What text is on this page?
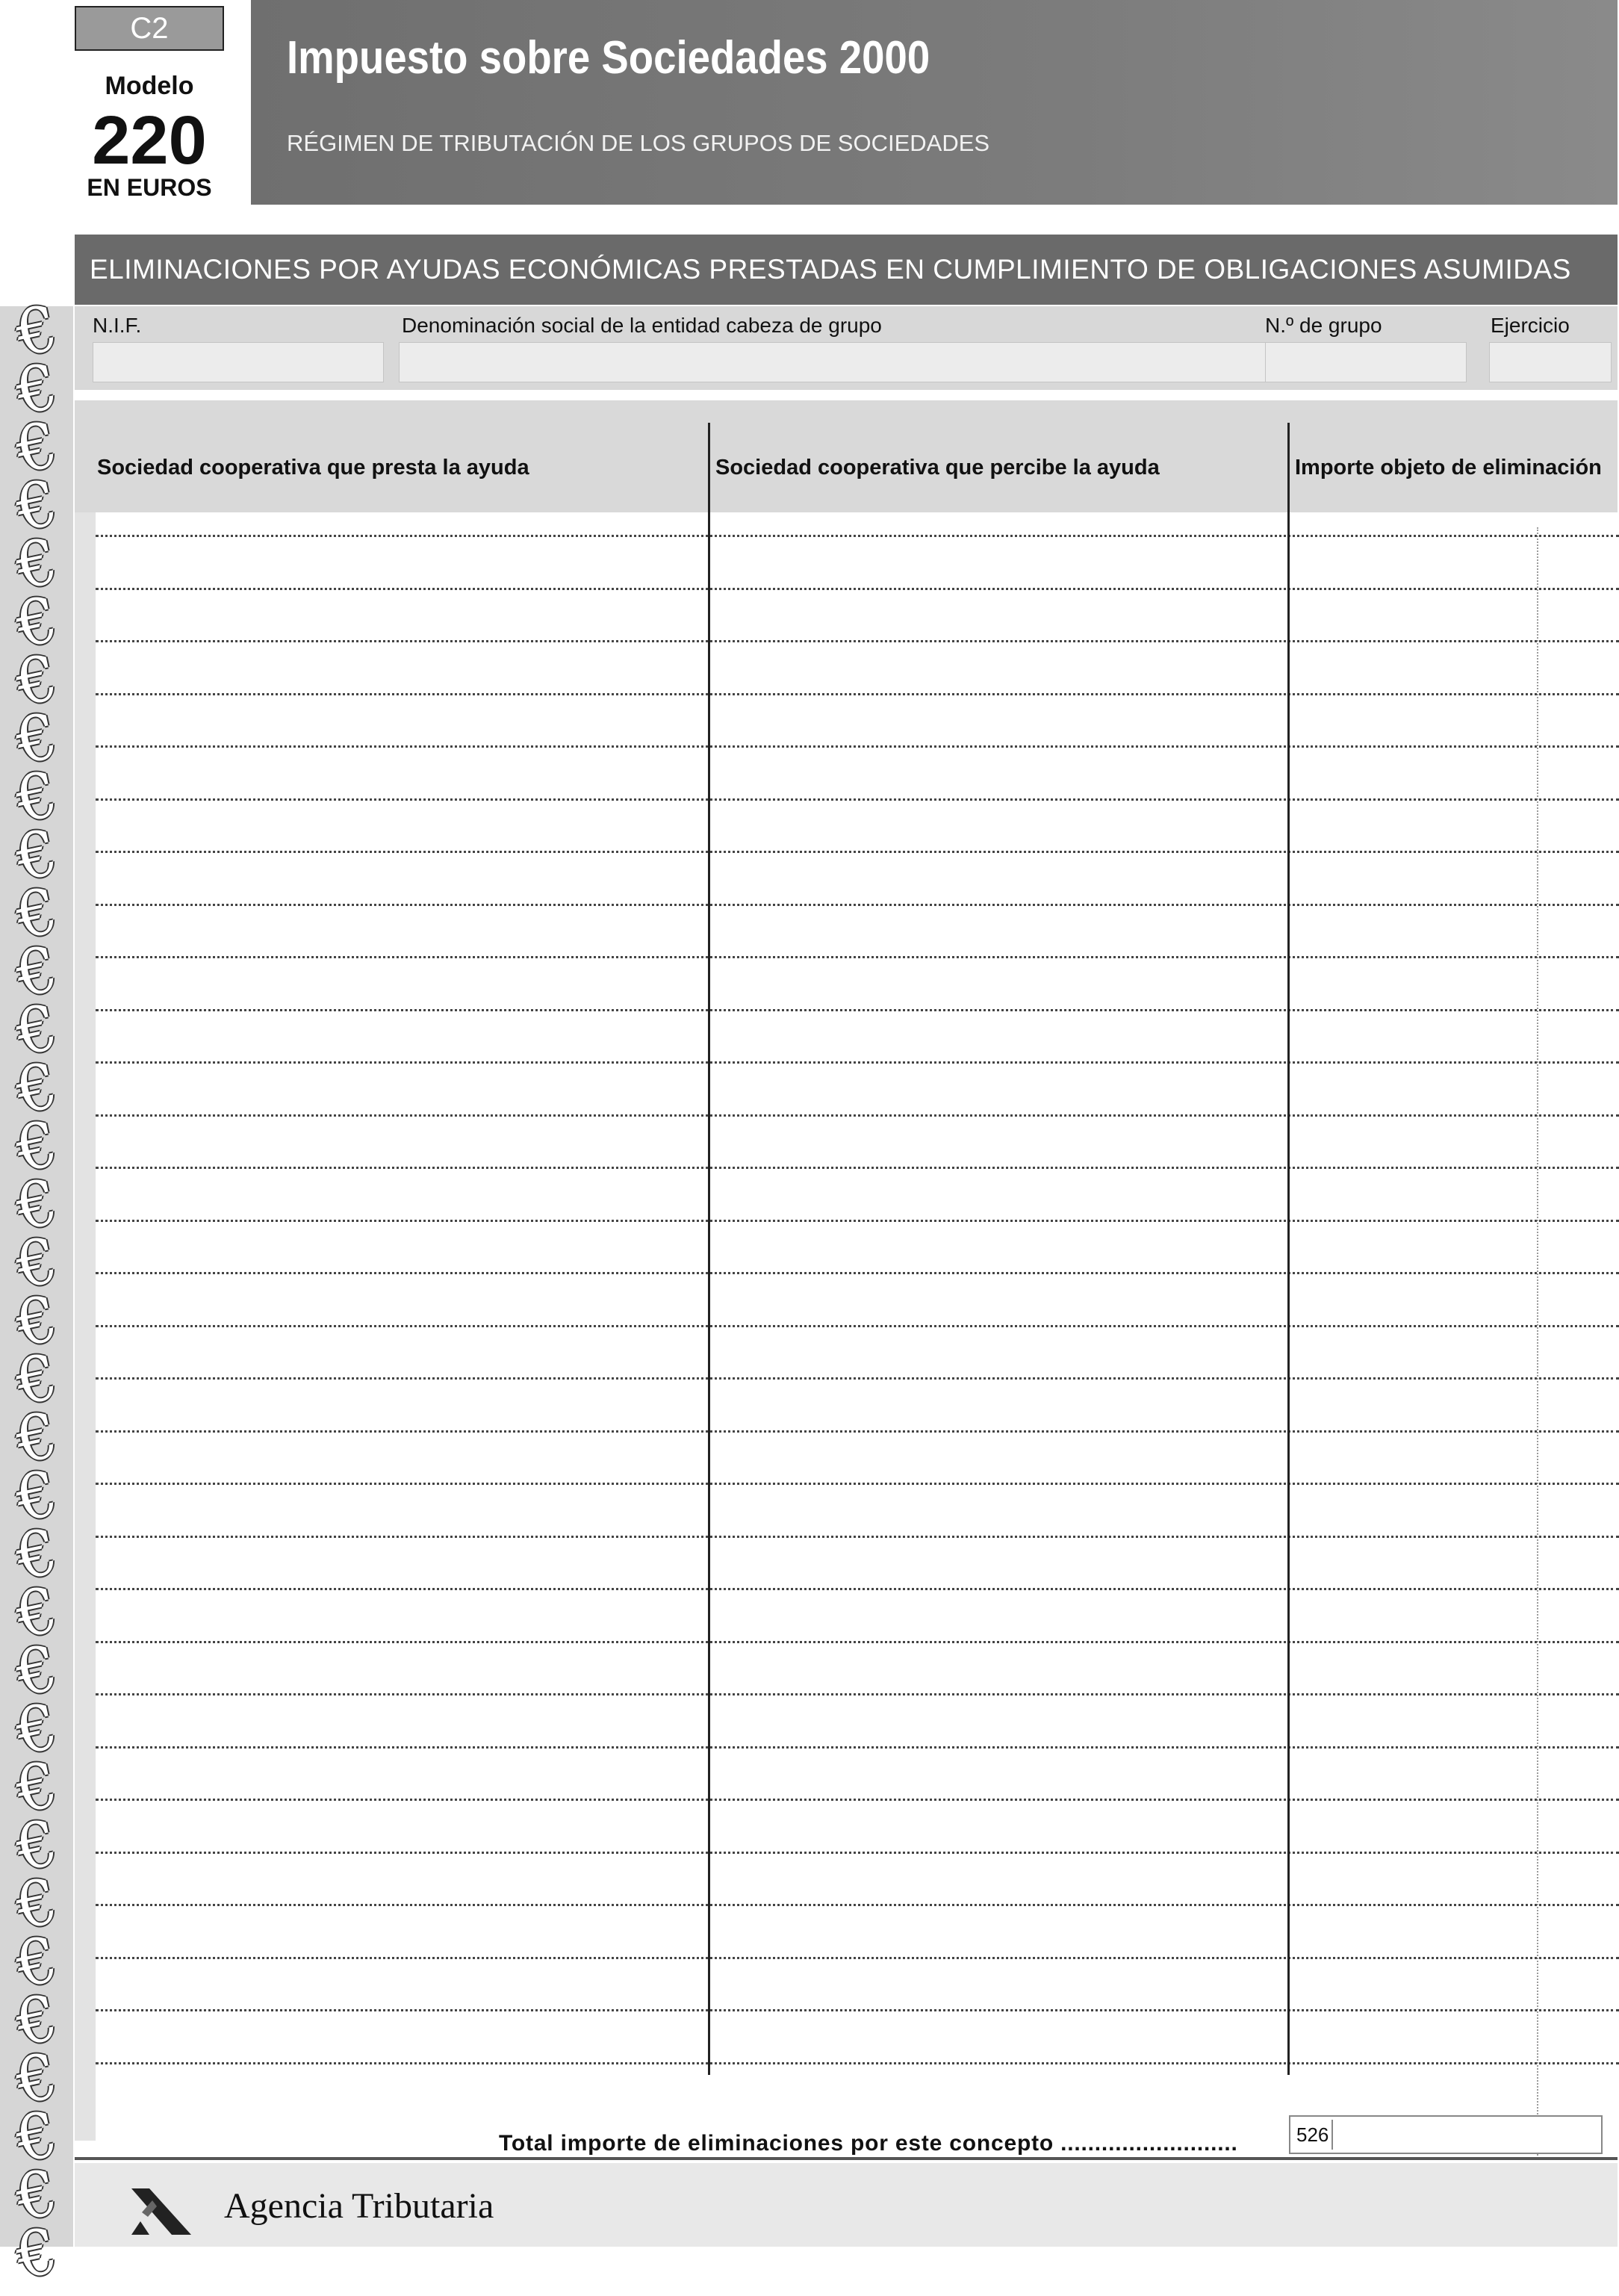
€
€
€
€
€
€
€
€
€
€
€
€
€
€
€
€
€
€
€
€
€
€
€
€
€
€
€
€
€
€
€
€
€
€
C2
Modelo
220
EN EUROS
Impuesto sobre Sociedades 2000
RÉGIMEN DE TRIBUTACIÓN DE LOS GRUPOS DE SOCIEDADES
ELIMINACIONES POR AYUDAS ECONÓMICAS PRESTADAS EN CUMPLIMIENTO DE OBLIGACIONES ASUMIDAS
N.I.F.	Denominación social de la entidad cabeza de grupo	N.º de grupo	Ejercicio
Sociedad cooperativa que presta la ayuda	Sociedad cooperativa que percibe la ayuda	Importe objeto de eliminación
Total importe de eliminaciones por este concepto ..........................	526
Agencia Tributaria
